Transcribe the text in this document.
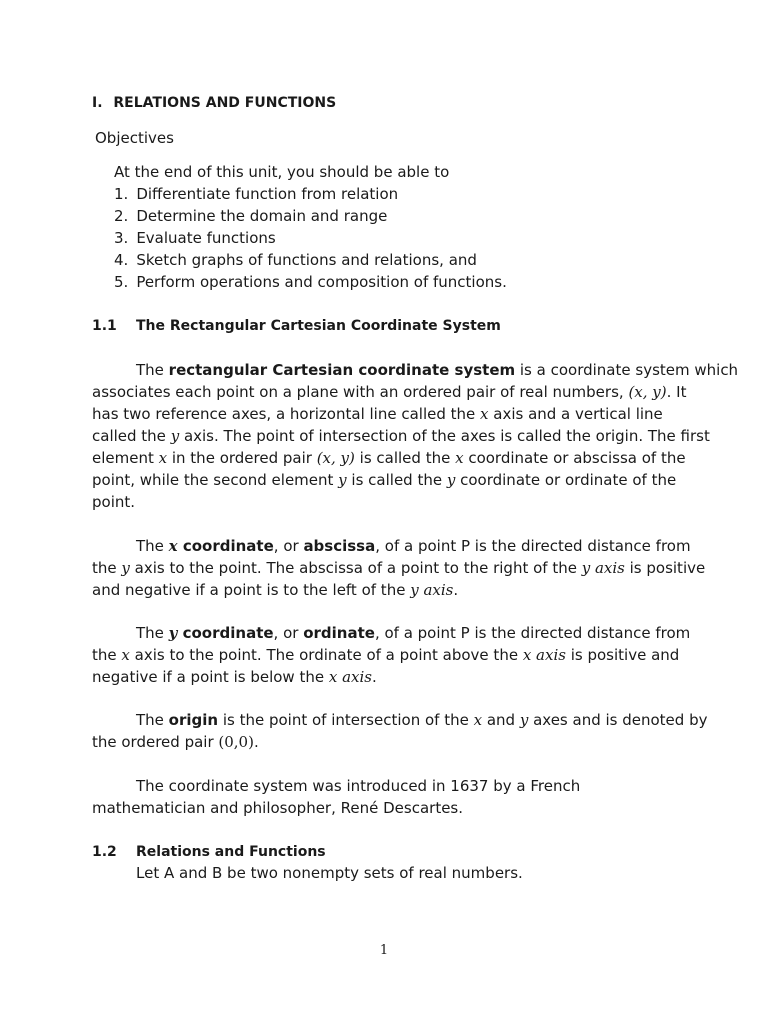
I. RELATIONS AND FUNCTIONS
Objectives
At the end of this unit, you should be able to
1. Differentiate function from relation
2. Determine the domain and range
3. Evaluate functions
4. Sketch graphs of functions and relations, and
5. Perform operations and composition of functions.
1.1 The Rectangular Cartesian Coordinate System
The rectangular Cartesian coordinate system is a coordinate system which
associates each point on a plane with an ordered pair of real numbers, (x, y). It
has two reference axes, a horizontal line called the x axis and a vertical line
called the y axis. The point of intersection of the axes is called the origin. The first
element x in the ordered pair (x, y) is called the x coordinate or abscissa of the
point, while the second element y is called the y coordinate or ordinate of the
point.
The x coordinate, or abscissa, of a point P is the directed distance from
the y axis to the point. The abscissa of a point to the right of the y axis is positive
and negative if a point is to the left of the y axis.
The y coordinate, or ordinate, of a point P is the directed distance from
the x axis to the point. The ordinate of a point above the x axis is positive and
negative if a point is below the x axis.
The origin is the point of intersection of the x and y axes and is denoted by
the ordered pair (0,0).
The coordinate system was introduced in 1637 by a French
mathematician and philosopher, René Descartes.
1.2 Relations and Functions
Let A and B be two nonempty sets of real numbers.
1
